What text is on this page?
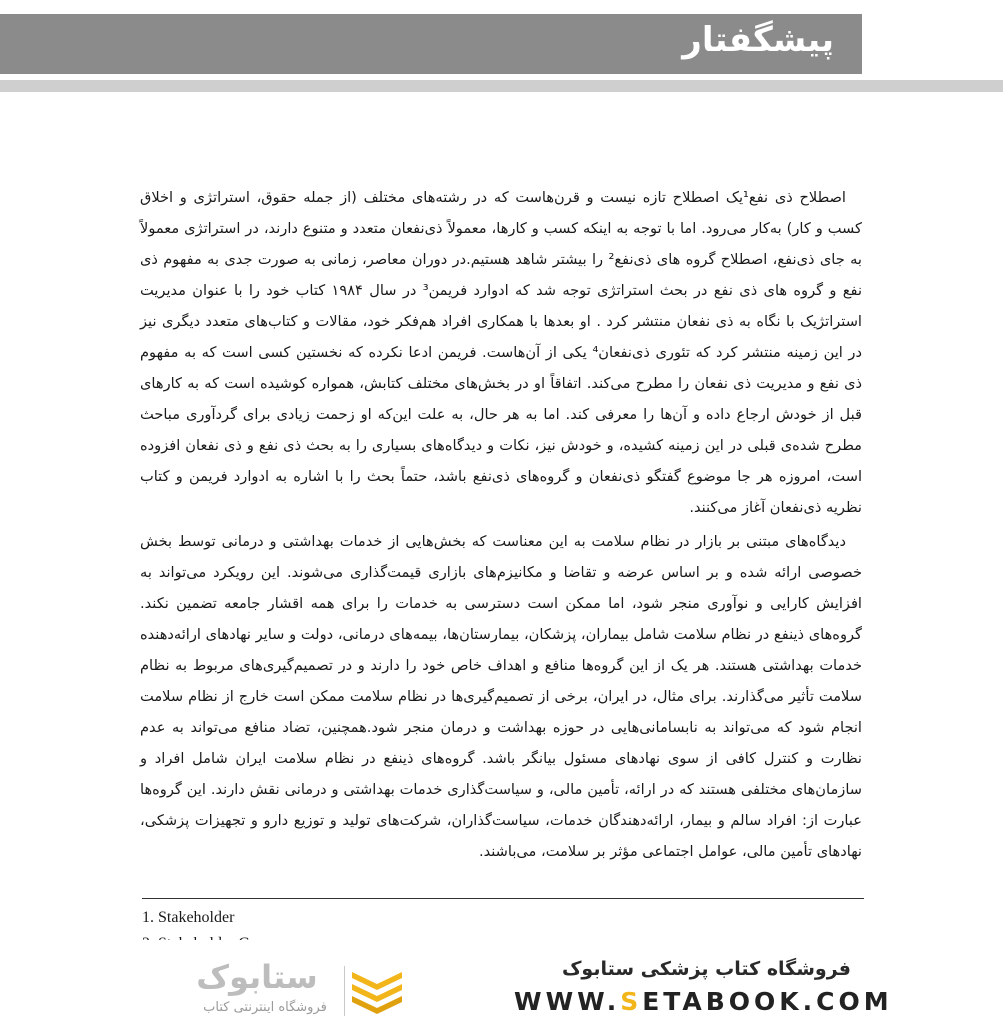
پیشگفتار

اصطلاح ذی نفع¹یک اصطلاح تازه نیست و قرن‌هاست که در رشته‌های مختلف (از جمله حقوق، استراتژی و اخلاق کسب و کار) به‌کار می‌رود. اما با توجه به اینکه کسب و کارها، معمولاً ذی‌نفعان متعدد و متنوع دارند، در استراتژی معمولاً به جای ذی‌نفع، اصطلاح گروه های ذی‌نفع² را بیشتر شاهد هستیم.در دوران معاصر، زمانی به صورت جدی به مفهوم ذی نفع و گروه های ذی نفع در بحث استراتژی توجه شد که ادوارد فریمن³ در سال ۱۹۸۴ کتاب خود را با عنوان مدیریت استراتژیک با نگاه به ذی نفعان منتشر کرد . او بعدها با همکاری افراد هم‌فکر خود، مقالات و کتاب‌های متعدد دیگری نیز در این زمینه منتشر کرد که تئوری ذی‌نفعان⁴ یکی از آن‌هاست. فریمن ادعا نکرده که نخستین کسی است که به مفهوم ذی نفع و مدیریت ذی نفعان را مطرح می‌کند. اتفاقاً او در بخش‌های مختلف کتابش، همواره کوشیده است که به کارهای قبل از خودش ارجاع داده و آن‌ها را معرفی کند. اما به هر حال، به علت این‌که او زحمت زیادی برای گردآوری مباحث مطرح شده‌ی قبلی در این زمینه کشیده، و خودش نیز، نکات و دیدگاه‌های بسیاری را به بحث ذی نفع و ذی نفعان افزوده است، امروزه هر جا موضوع گفتگو ذی‌نفعان و گروه‌های ذی‌نفع باشد، حتماً بحث را با اشاره به ادوارد فریمن و کتاب نظریه ذی‌نفعان آغاز می‌کنند.

دیدگاه‌های مبتنی بر بازار در نظام سلامت به این معناست که بخش‌هایی از خدمات بهداشتی و درمانی توسط بخش خصوصی ارائه شده و بر اساس عرضه و تقاضا و مکانیزم‌های بازاری قیمت‌گذاری می‌شوند. این رویکرد می‌تواند به افزایش کارایی و نوآوری منجر شود، اما ممکن است دسترسی به خدمات را برای همه اقشار جامعه تضمین نکند. گروه‌های ذینفع در نظام سلامت شامل بیماران، پزشکان، بیمارستان‌ها، بیمه‌های درمانی، دولت و سایر نهادهای ارائه‌دهنده خدمات بهداشتی هستند. هر یک از این گروه‌ها منافع و اهداف خاص خود را دارند و در تصمیم‌گیری‌های مربوط به نظام سلامت تأثیر می‌گذارند. برای مثال، در ایران، برخی از تصمیم‌گیری‌ها در نظام سلامت ممکن است خارج از نظام سلامت انجام شود که می‌تواند به نابسامانی‌هایی در حوزه بهداشت و درمان منجر شود.همچنین، تضاد منافع می‌تواند به عدم نظارت و کنترل کافی از سوی نهادهای مسئول بیانگر باشد. گروه‌های ذینفع در نظام سلامت ایران شامل افراد و سازمان‌های مختلفی هستند که در ارائه، تأمین مالی، و سیاست‌گذاری خدمات بهداشتی و درمانی نقش دارند. این گروه‌ها عبارت از: افراد سالم و بیمار، ارائه‌دهندگان خدمات، سیاست‌گذاران، شرکت‌های تولید و توزیع دارو و تجهیزات پزشکی، نهادهای تأمین مالی، عوامل اجتماعی مؤثر بر سلامت، می‌باشند.

1. Stakeholder
ستابوک
فروشگاه اینترنتی کتاب
فروشگاه کتاب پزشکی ستابوک
WWW.SETABOOK.COM
